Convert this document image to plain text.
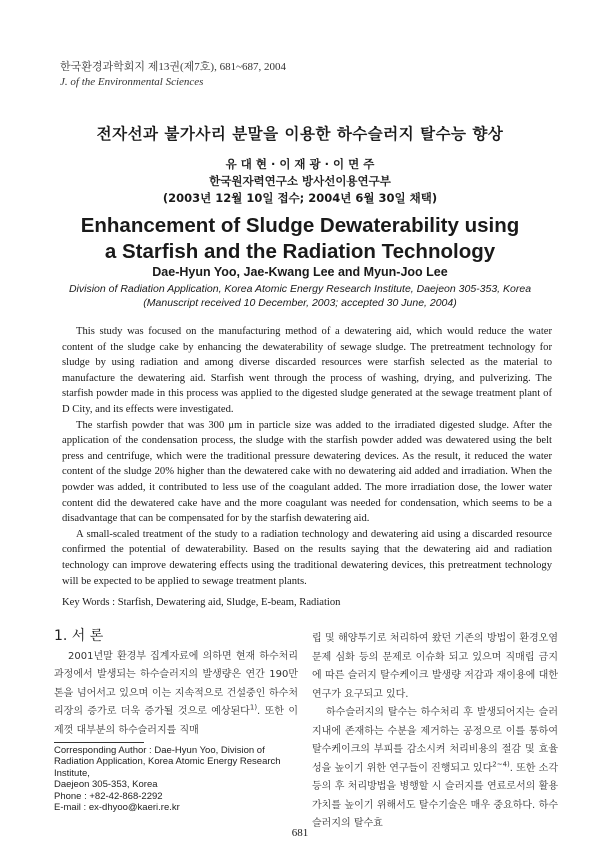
한국환경과학회지 제13권(제7호), 681~687, 2004
J. of the Environmental Sciences
전자선과 불가사리 분말을 이용한 하수슬러지 탈수능 향상
유 대 현 · 이 재 광 · 이 면 주
한국원자력연구소 방사선이용연구부
(2003년 12월 10일 접수; 2004년 6월 30일 채택)
Enhancement of Sludge Dewaterability using
a Starfish and the Radiation Technology
Dae-Hyun Yoo, Jae-Kwang Lee and Myun-Joo Lee
Division of Radiation Application, Korea Atomic Energy Research Institute, Daejeon 305-353, Korea
(Manuscript received 10 December, 2003; accepted 30 June, 2004)

This study was focused on the manufacturing method of a dewatering aid, which would reduce the water content of the sludge cake by enhancing the dewaterability of sewage sludge. The pretreatment technology for sludge by using radiation and among diverse discarded resources were starfish selected as the material to manufacture the dewatering aid. Starfish went through the process of washing, drying, and pulverizing. The starfish powder made in this process was applied to the digested sludge generated at the sewage treatment plant of D City, and its effects were investigated.

The starfish powder that was 300 μm in particle size was added to the irradiated digested sludge. After the application of the condensation process, the sludge with the starfish powder added was dewatered using the belt press and centrifuge, which were the traditional pressure dewatering devices. As the result, it reduced the water content of the sludge 20% higher than the dewatered cake with no dewatering aid added and irradiation. When the powder was added, it contributed to less use of the coagulant added. The more irradiation dose, the lower water content did the dewatered cake have and the more coagulant was needed for condensation, which seems to be a disadvantage that can be compensated for by the starfish dewatering aid.

A small-scaled treatment of the study to a radiation technology and dewatering aid using a discarded resource confirmed the potential of dewaterability. Based on the results saying that the dewatering aid and radiation technology can improve dewatering effects using the traditional dewatering devices, this pretreatment technology will be expected to be applied to sewage treatment plants.

Key Words : Starfish, Dewatering aid, Sludge, E-beam, Radiation
1. 서 론

2001년말 환경부 집계자료에 의하면 현재 하수처리과정에서 발생되는 하수슬러지의 발생량은 연간 190만톤을 넘어서고 있으며 이는 지속적으로 건설중인 하수처리장의 증가로 더욱 증가될 것으로 예상된다$^{1)}$. 또한 이제껏 대부분의 하수슬러지를 직매

립 및 해양투기로 처리하여 왔던 기존의 방법이 환경오염문제 심화 등의 문제로 이슈화 되고 있으며 직매립 금지에 따른 슬러지 탈수케이크 발생량 저감과 재이용에 대한 연구가 요구되고 있다.

하수슬러지의 탈수는 하수처리 후 발생되어지는 슬러지내에 존재하는 수분을 제거하는 공정으로 이를 통하여 탈수케이크의 부피를 감소시켜 처리비용의 절감 및 효율성을 높이기 위한 연구들이 진행되고 있다$^{2\sim 4)}$. 또한 소각 등의 후 처리방법을 병행할 시 슬러지를 연료로서의 활용가치를 높이기 위해서도 탈수기술은 매우 중요하다. 하수슬러지의 탈수효

Corresponding Author : Dae-Hyun Yoo, Division of Radiation Application, Korea Atomic Energy Research Institute,
Daejeon 305-353, Korea
Phone : +82-42-868-2292
E-mail : ex-dhyoo@kaeri.re.kr
681
